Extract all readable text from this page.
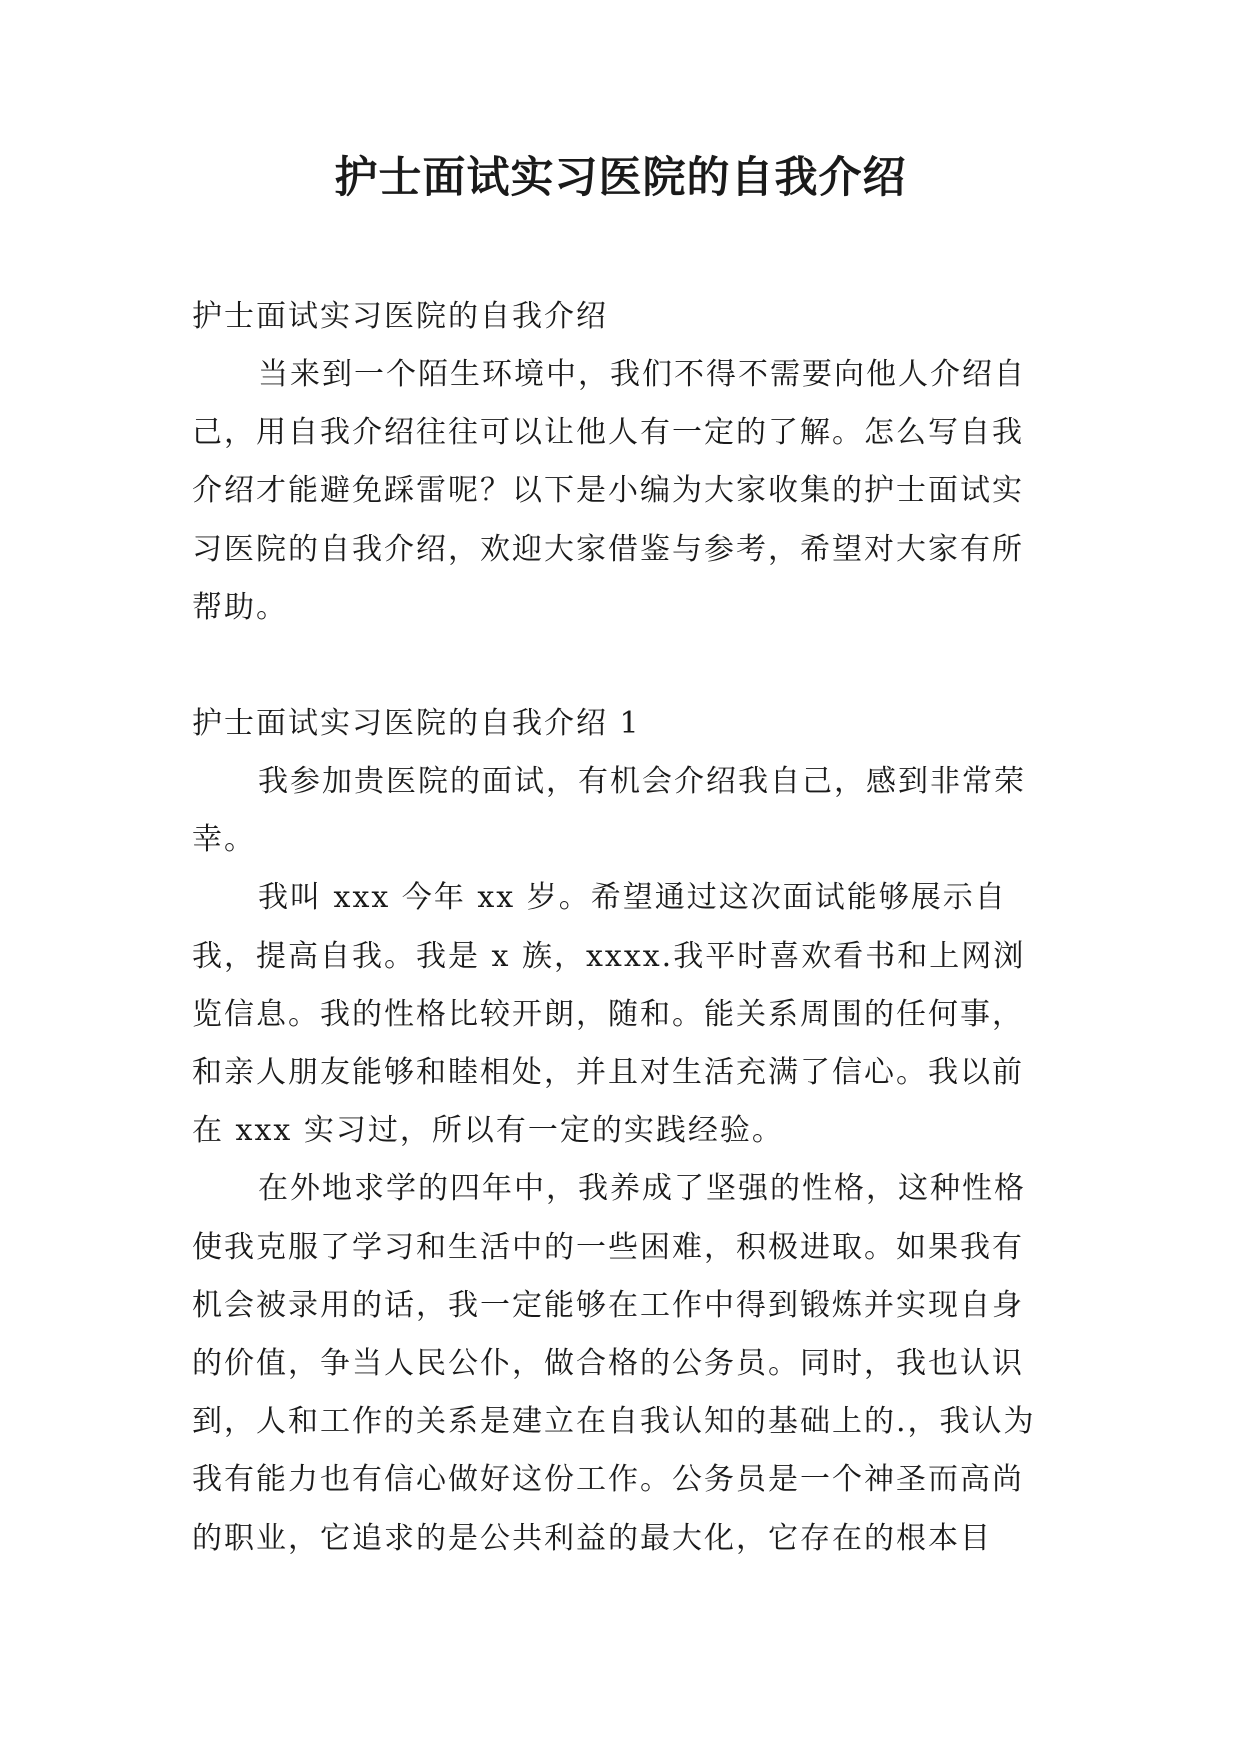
护士面试实习医院的自我介绍

护士面试实习医院的自我介绍

当来到一个陌生环境中，我们不得不需要向他人介绍自己，用自我介绍往往可以让他人有一定的了解。怎么写自我介绍才能避免踩雷呢？以下是小编为大家收集的护士面试实习医院的自我介绍，欢迎大家借鉴与参考，希望对大家有所帮助。

护士面试实习医院的自我介绍 1

我参加贵医院的面试，有机会介绍我自己，感到非常荣幸。

我叫 xxx 今年 xx 岁。希望通过这次面试能够展示自我，提高自我。我是 x 族，xxxx.我平时喜欢看书和上网浏览信息。我的性格比较开朗，随和。能关系周围的任何事，和亲人朋友能够和睦相处，并且对生活充满了信心。我以前在 xxx 实习过，所以有一定的实践经验。

在外地求学的四年中，我养成了坚强的性格，这种性格使我克服了学习和生活中的一些困难，积极进取。如果我有机会被录用的话，我一定能够在工作中得到锻炼并实现自身的价值，争当人民公仆，做合格的公务员。同时，我也认识到，人和工作的关系是建立在自我认知的基础上的.，我认为我有能力也有信心做好这份工作。公务员是一个神圣而高尚的职业，它追求的是公共利益的最大化，它存在的根本目
